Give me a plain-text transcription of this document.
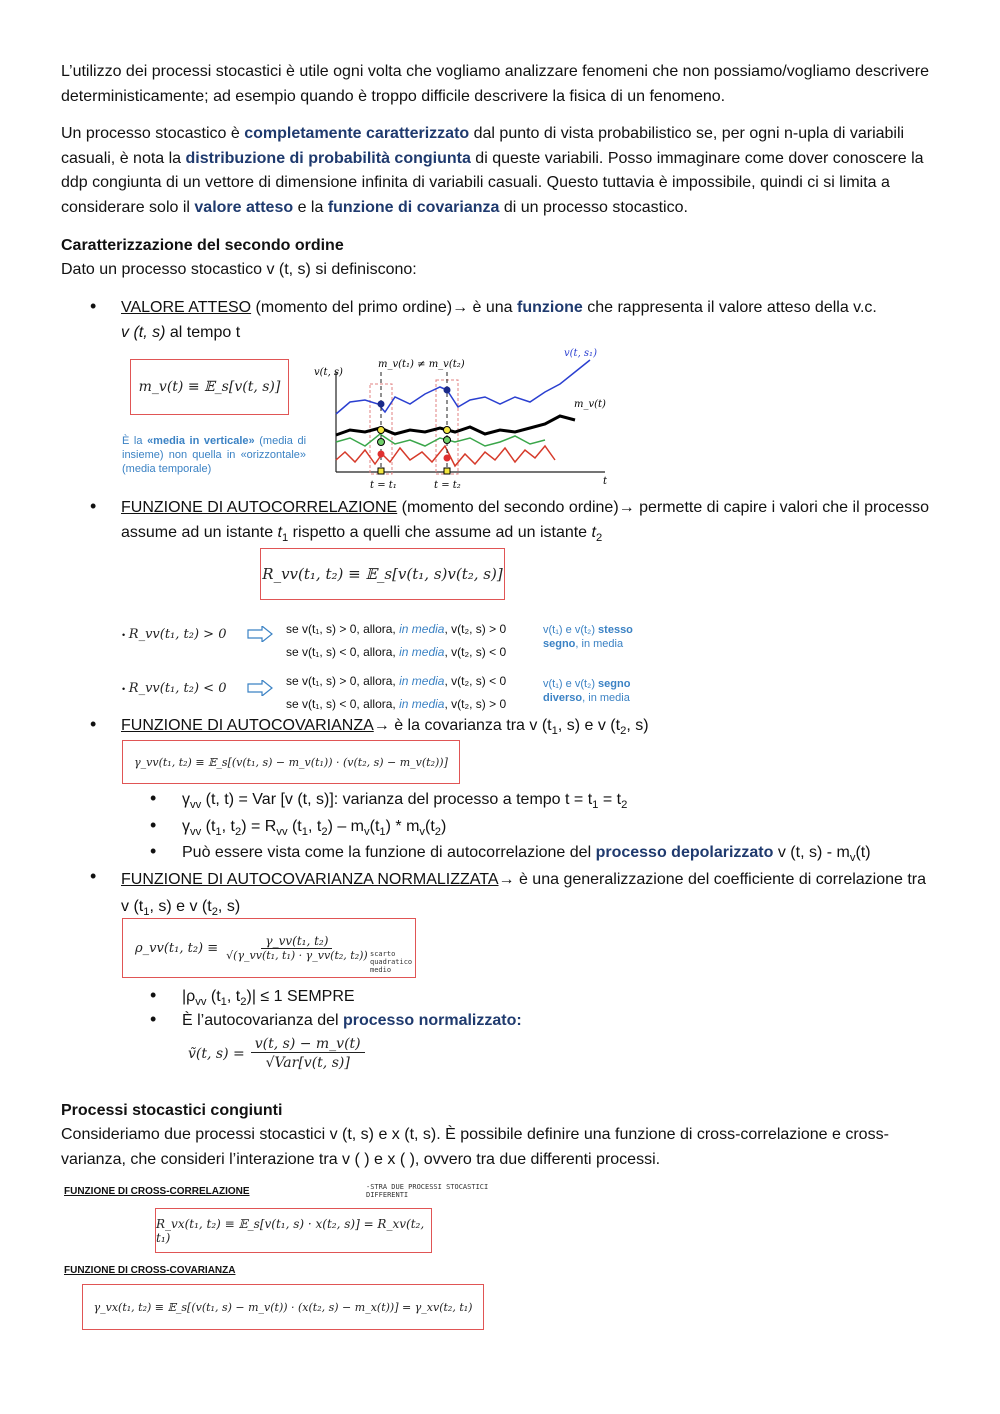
L’utilizzo dei processi stocastici è utile ogni volta che vogliamo analizzare fenomeni che non possiamo/vogliamo descrivere deterministicamente; ad esempio quando è troppo difficile descrivere la fisica di un fenomeno.
Un processo stocastico è completamente caratterizzato dal punto di vista probabilistico se, per ogni n-upla di variabili casuali, è nota la distribuzione di probabilità congiunta di queste variabili. Posso immaginare come dover conoscere la ddp congiunta di un vettore di dimensione infinita di variabili casuali. Questo tuttavia è impossibile, quindi ci si limita a considerare solo il valore atteso e la funzione di covarianza di un processo stocastico.
Caratterizzazione del secondo ordine
Dato un processo stocastico v (t, s) si definiscono:
• VALORE ATTESO (momento del primo ordine)→ è una funzione che rappresenta il valore atteso della v.c.
v (t, s) al tempo t
m_v(t) ≡ 𝔼_s[v(t, s)]
È la «media in verticale» (media di insieme) non quella in «orizzontale» (media temporale)
v(t, s)
m_v(t₁) ≠ m_v(t₂)
v(t, s₁)
m_v(t)
t
t = t₁	t = t₂
• FUNZIONE DI AUTOCORRELAZIONE (momento del secondo ordine)→ permette di capire i valori che il processo assume ad un istante $t_1$ rispetto a quelli che assume ad un istante $t_2$
R_vv(t₁, t₂) ≡ 𝔼_s[v(t₁, s)v(t₂, s)]
• R_vv(t₁, t₂) > 0	se v(t₁, s) > 0, allora, in media, v(t₂, s) > 0
se v(t₁, s) < 0, allora, in media, v(t₂, s) < 0
v(t₁) e v(t₂) stesso
segno, in media
• R_vv(t₁, t₂) < 0	se v(t₁, s) > 0, allora, in media, v(t₂, s) < 0
se v(t₁, s) < 0, allora, in media, v(t₂, s) > 0
v(t₁) e v(t₂) segno
diverso, in media
• FUNZIONE DI AUTOCOVARIANZA→ è la covarianza tra v ($t_1$, s) e v ($t_2$, s)
γ_vv(t₁, t₂) ≡ 𝔼_s[(v(t₁, s) − m_v(t₁)) · (v(t₂, s) − m_v(t₂))]
• $\gamma_{vv}$ (t, t) = Var [v (t, s)]: varianza del processo a tempo $t = t_1 = t_2$
• $\gamma_{vv}$ ($t_1$, $t_2) = R_{vv}$ ($t_1$, $t_2) - m_v(t_1) * m_v(t_2)$
• Può essere vista come la funzione di autocorrelazione del processo depolarizzato v (t, $s) - m_v(t)$
• FUNZIONE DI AUTOCOVARIANZA NORMALIZZATA→ è una generalizzazione del coefficiente di correlazione tra v ($t_1$, s) e v ($t_2$, s)
ρ_vv(t₁, $t_2) \equiv \frac{\text{γ\_vv(t₁, t₂)}}{\text{√(γ\_vv(t₁, t₁) · γ\_vv(t₂, t₂))}}$ scarto quadratico medio
• $|\rho_{vv}$ ($t_1$, $t_2)| \le 1$ SEMPRE
• È l’autocovarianza del processo normalizzato:
ṽ(t, s) =
v(t, s) − m_v(t)
√Var[v(t, s)]
Processi stocastici congiunti
Consideriamo due processi stocastici v (t, s) e x (t, s). È possibile definire una funzione di cross-correlazione e cross-varianza, che consideri l’interazione tra v ( ) e x ( ), ovvero tra due differenti processi.
FUNZIONE DI CROSS-CORRELAZIONE	-STRA DUE PROCESSI STOCASTICI DIFFERENTI
R_vx(t₁, t₂) ≡ 𝔼_s[v(t₁, s) · x(t₂, s)] = R_xv(t₂, t₁)
FUNZIONE DI CROSS-COVARIANZA
γ_vx(t₁, t₂) ≡ 𝔼_s[(v(t₁, s) − m_v(t)) · (x(t₂, s) − m_x(t))] = γ_xv(t₂, t₁)
